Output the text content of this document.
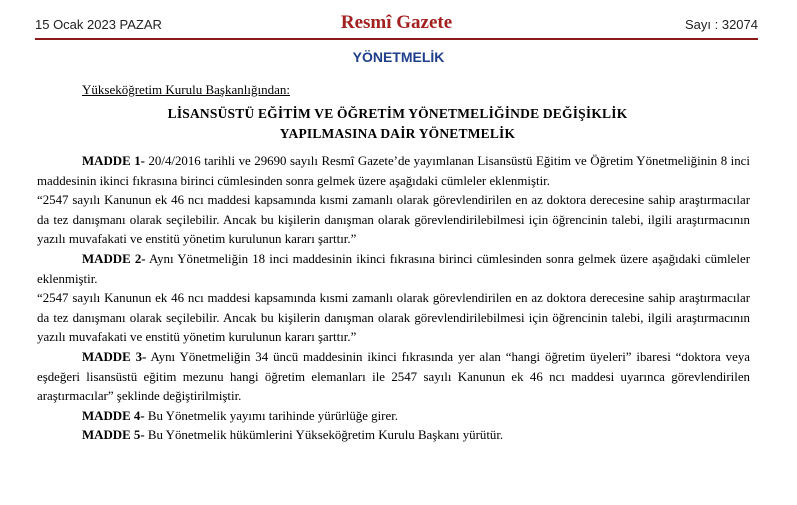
15 Ocak 2023 PAZAR	Resmî Gazete	Sayı : 32074
YÖNETMELİK
Yükseköğretim Kurulu Başkanlığından:
LİSANSÜSTÜ EĞİTİM VE ÖĞRETİM YÖNETMELİĞİNDE DEĞİŞİKLİK
YAPILMASINA DAİR YÖNETMELİK

MADDE 1- 20/4/2016 tarihli ve 29690 sayılı Resmî Gazete’de yayımlanan Lisansüstü Eğitim ve Öğretim Yönetmeliğinin 8 inci maddesinin ikinci fıkrasına birinci cümlesinden sonra gelmek üzere aşağıdaki cümleler eklenmiştir.

“2547 sayılı Kanunun ek 46 ncı maddesi kapsamında kısmi zamanlı olarak görevlendirilen en az doktora derecesine sahip araştırmacılar da tez danışmanı olarak seçilebilir. Ancak bu kişilerin danışman olarak görevlendirilebilmesi için öğrencinin talebi, ilgili araştırmacının yazılı muvafakati ve enstitü yönetim kurulunun kararı şarttır.”

MADDE 2- Aynı Yönetmeliğin 18 inci maddesinin ikinci fıkrasına birinci cümlesinden sonra gelmek üzere aşağıdaki cümleler eklenmiştir.

“2547 sayılı Kanunun ek 46 ncı maddesi kapsamında kısmi zamanlı olarak görevlendirilen en az doktora derecesine sahip araştırmacılar da tez danışmanı olarak seçilebilir. Ancak bu kişilerin danışman olarak görevlendirilebilmesi için öğrencinin talebi, ilgili araştırmacının yazılı muvafakati ve enstitü yönetim kurulunun kararı şarttır.”

MADDE 3- Aynı Yönetmeliğin 34 üncü maddesinin ikinci fıkrasında yer alan “hangi öğretim üyeleri” ibaresi “doktora veya eşdeğeri lisansüstü eğitim mezunu hangi öğretim elemanları ile 2547 sayılı Kanunun ek 46 ncı maddesi uyarınca görevlendirilen araştırmacılar” şeklinde değiştirilmiştir.

MADDE 4- Bu Yönetmelik yayımı tarihinde yürürlüğe girer.

MADDE 5- Bu Yönetmelik hükümlerini Yükseköğretim Kurulu Başkanı yürütür.
